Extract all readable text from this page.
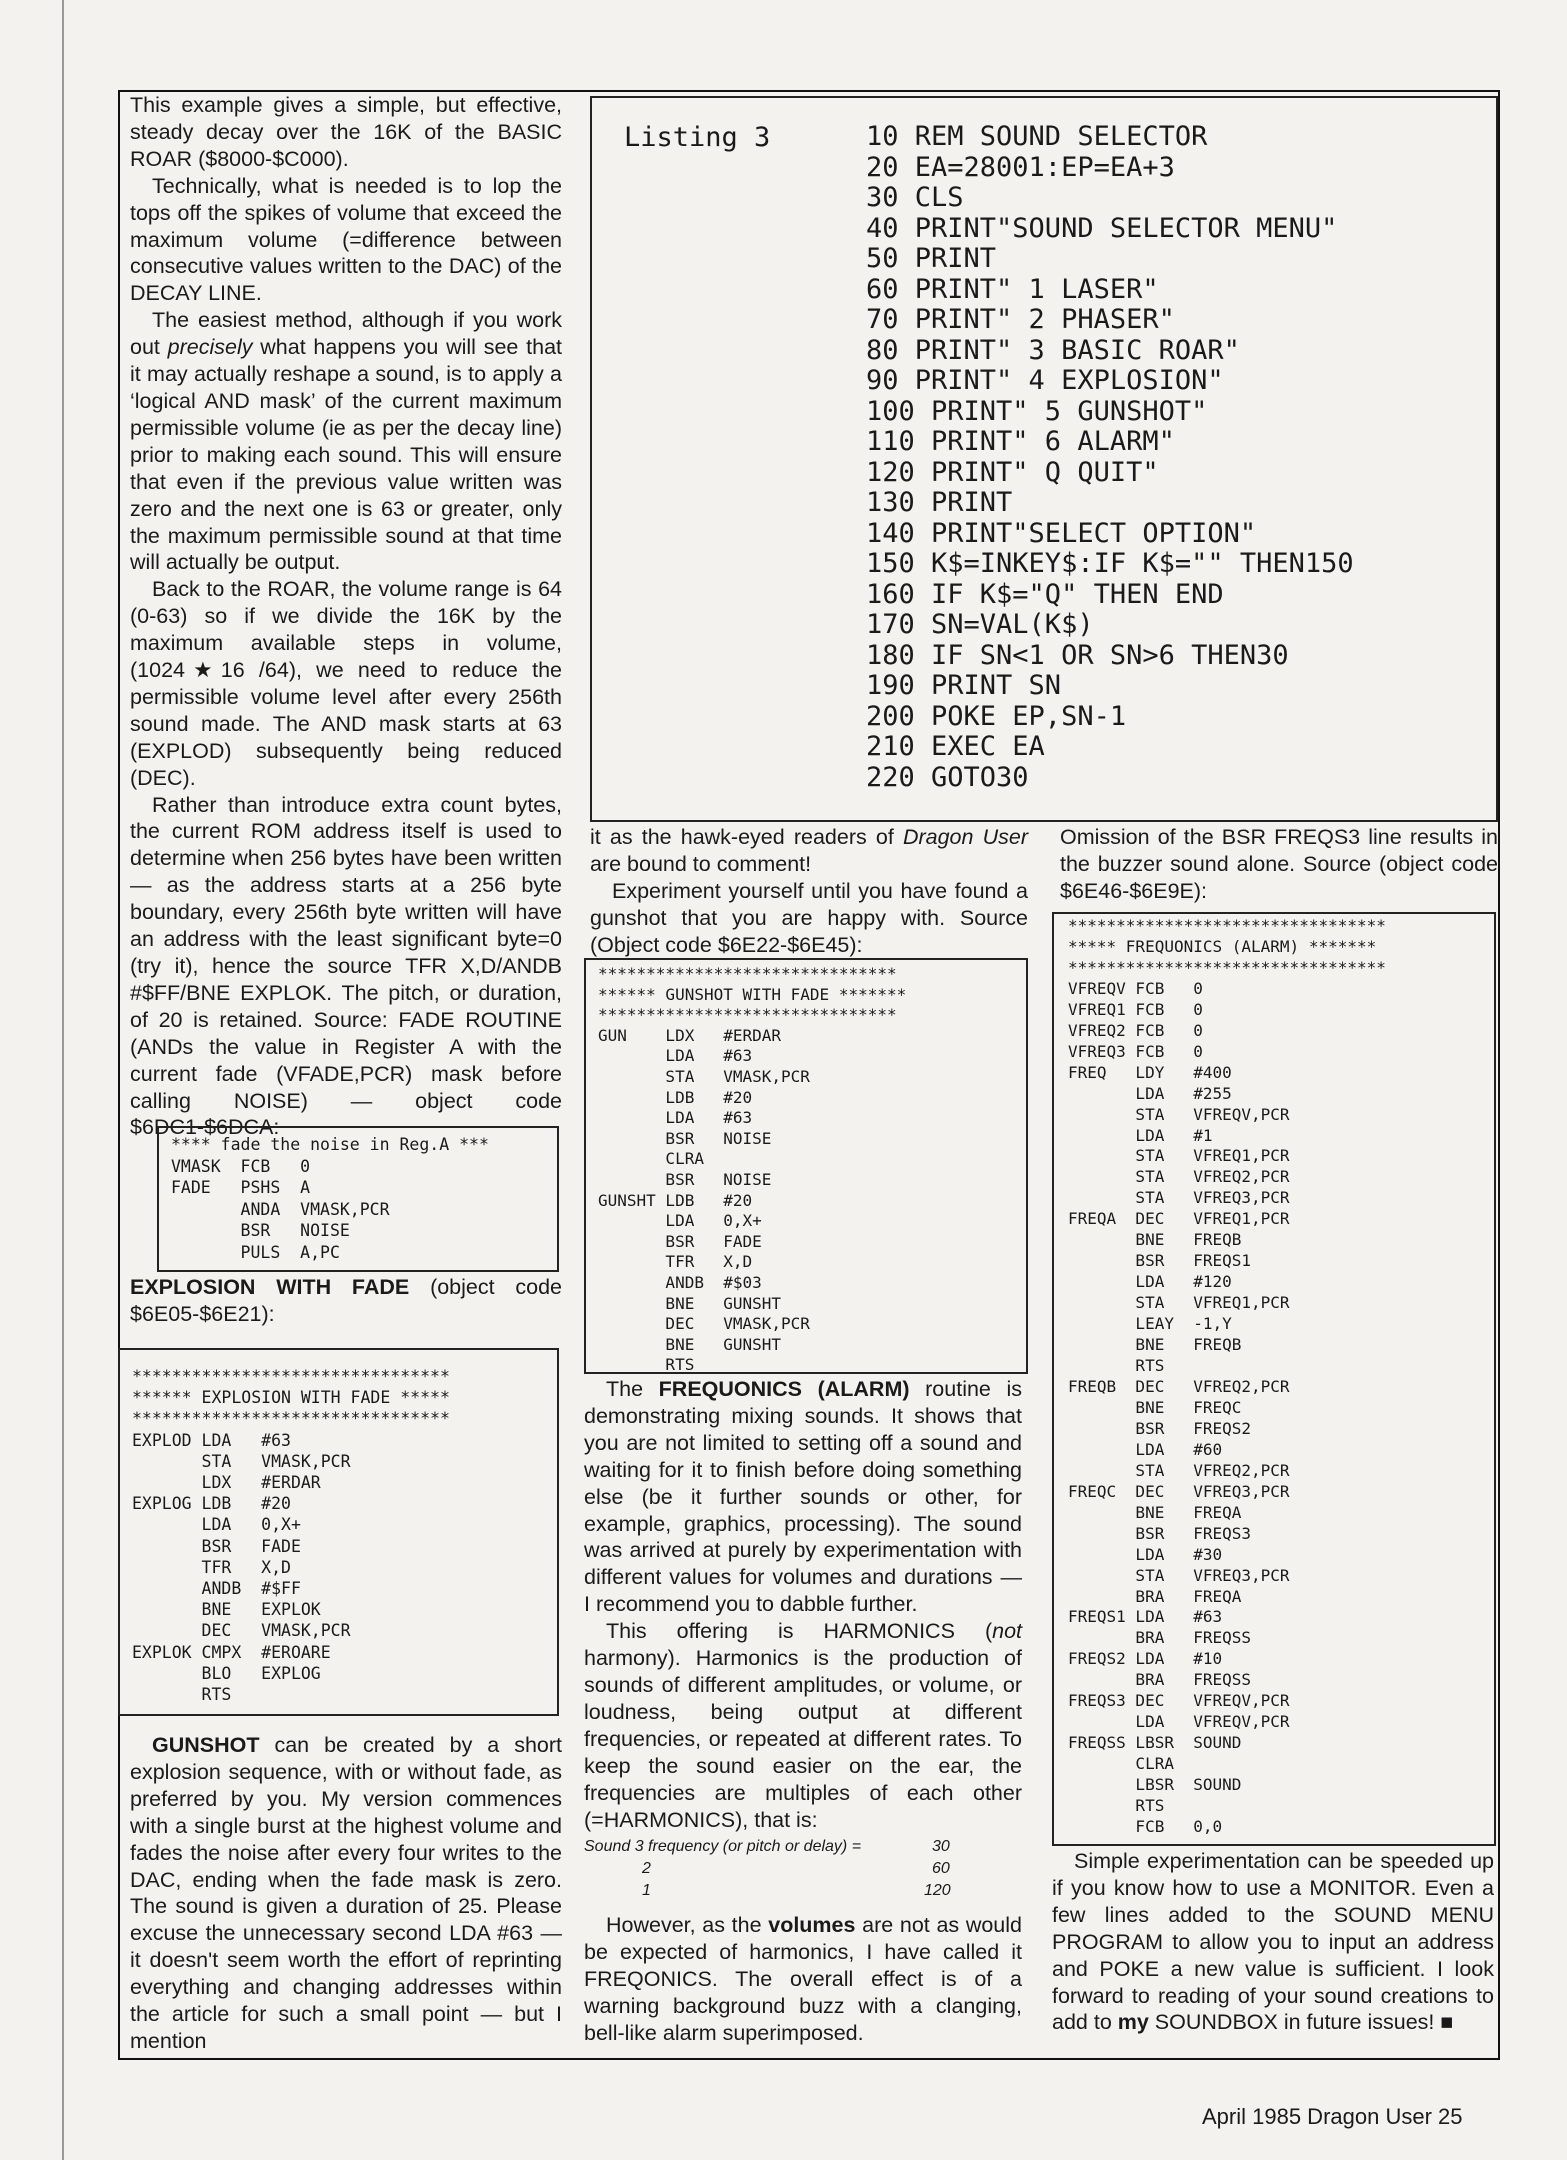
This example gives a simple, but effective, steady decay over the 16K of the BASIC ROAR ($8000-$C000).

Technically, what is needed is to lop the tops off the spikes of volume that exceed the maximum volume (=difference between consecutive values written to the DAC) of the DECAY LINE.

The easiest method, although if you work out precisely what happens you will see that it may actually reshape a sound, is to apply a ‘logical AND mask’ of the current maximum permissible volume (ie as per the decay line) prior to making each sound. This will ensure that even if the previous value written was zero and the next one is 63 or greater, only the maximum permissible sound at that time will actually be output.

Back to the ROAR, the volume range is 64 (0-63) so if we divide the 16K by the maximum available steps in volume, (1024★16 /64), we need to reduce the permissible volume level after every 256th sound made. The AND mask starts at 63 (EXPLOD) subsequently being reduced (DEC).

Rather than introduce extra count bytes, the current ROM address itself is used to determine when 256 bytes have been written — as the address starts at a 256 byte boundary, every 256th byte written will have an address with the least significant byte=0 (try it), hence the source TFR X,D/ANDB #$FF/BNE EXPLOK. The pitch, or duration, of 20 is retained. Source: FADE ROUTINE (ANDs the value in Register A with the current fade (VFADE,PCR) mask before calling NOISE) — object code $6DC1-$6DCA:

**** fade the noise in Reg.A ***
VMASK  FCB   0
FADE   PSHS  A
ANDA  VMASK,PCR
BSR   NOISE
PULS  A,PC

EXPLOSION WITH FADE (object code $6E05-$6E21):

********************************
****** EXPLOSION WITH FADE *****
********************************
EXPLOD LDA   #63
STA   VMASK,PCR
LDX   #ERDAR
EXPLOG LDB   #20
LDA   0,X+
BSR   FADE
TFR   X,D
ANDB  #$FF
BNE   EXPLOK
DEC   VMASK,PCR
EXPLOK CMPX  #EROARE
BLO   EXPLOG
RTS

GUNSHOT can be created by a short explosion sequence, with or without fade, as preferred by you. My version commences with a single burst at the highest volume and fades the noise after every four writes to the DAC, ending when the fade mask is zero. The sound is given a duration of 25. Please excuse the unnecessary second LDA #63 — it doesn't seem worth the effort of reprinting everything and changing addresses within the article for such a small point — but I mention

Listing 3	10 REM SOUND SELECTOR
20 EA=28001:EP=EA+3
30 CLS
40 PRINT"SOUND SELECTOR MENU"
50 PRINT
60 PRINT" 1 LASER"
70 PRINT" 2 PHASER"
80 PRINT" 3 BASIC ROAR"
90 PRINT" 4 EXPLOSION"
100 PRINT" 5 GUNSHOT"
110 PRINT" 6 ALARM"
120 PRINT" Q QUIT"
130 PRINT
140 PRINT"SELECT OPTION"
150 K$=INKEY$:IF K$="" THEN150
160 IF K$="Q" THEN END
170 SN=VAL(K$)
180 IF SN<1 OR SN>6 THEN30
190 PRINT SN
200 POKE EP,SN-1
210 EXEC EA
220 GOTO30

it as the hawk-eyed readers of Dragon User are bound to comment!

Experiment yourself until you have found a gunshot that you are happy with. Source (Object code $6E22-$6E45):

*******************************
****** GUNSHOT WITH FADE *******
*******************************
GUN    LDX   #ERDAR
LDA   #63
STA   VMASK,PCR
LDB   #20
LDA   #63
BSR   NOISE
CLRA
BSR   NOISE
GUNSHT LDB   #20
LDA   0,X+
BSR   FADE
TFR   X,D
ANDB  #$03
BNE   GUNSHT
DEC   VMASK,PCR
BNE   GUNSHT
RTS

The FREQUONICS (ALARM) routine is demonstrating mixing sounds. It shows that you are not limited to setting off a sound and waiting for it to finish before doing something else (be it further sounds or other, for example, graphics, processing). The sound was arrived at purely by experimentation with different values for volumes and durations — I recommend you to dabble further.

This offering is HARMONICS (not harmony). Harmonics is the production of sounds of different amplitudes, or volume, or loudness, being output at different frequencies, or repeated at different rates. To keep the sound easier on the ear, the frequencies are multiples of each other (=HARMONICS), that is:

Sound 3 frequency (or pitch or delay) =	30
2	60
1	120

However, as the volumes are not as would be expected of harmonics, I have called it FREQONICS. The overall effect is of a warning background buzz with a clanging, bell-like alarm superimposed.

Omission of the BSR FREQS3 line results in the buzzer sound alone. Source (object code $6E46-$6E9E):

*********************************
***** FREQUONICS (ALARM) *******
*********************************
VFREQV FCB   0
VFREQ1 FCB   0
VFREQ2 FCB   0
VFREQ3 FCB   0
FREQ   LDY   #400
LDA   #255
STA   VFREQV,PCR
LDA   #1
STA   VFREQ1,PCR
STA   VFREQ2,PCR
STA   VFREQ3,PCR
FREQA  DEC   VFREQ1,PCR
BNE   FREQB
BSR   FREQS1
LDA   #120
STA   VFREQ1,PCR
LEAY  -1,Y
BNE   FREQB
RTS
FREQB  DEC   VFREQ2,PCR
BNE   FREQC
BSR   FREQS2
LDA   #60
STA   VFREQ2,PCR
FREQC  DEC   VFREQ3,PCR
BNE   FREQA
BSR   FREQS3
LDA   #30
STA   VFREQ3,PCR
BRA   FREQA
FREQS1 LDA   #63
BRA   FREQSS
FREQS2 LDA   #10
BRA   FREQSS
FREQS3 DEC   VFREQV,PCR
LDA   VFREQV,PCR
FREQSS LBSR  SOUND
CLRA
LBSR  SOUND
RTS
FCB   0,0

Simple experimentation can be speeded up if you know how to use a MONITOR. Even a few lines added to the SOUND MENU PROGRAM to allow you to input an address and POKE a new value is sufficient. I look forward to reading of your sound creations to add to my SOUNDBOX in future issues! ■

April 1985 Dragon User 25
